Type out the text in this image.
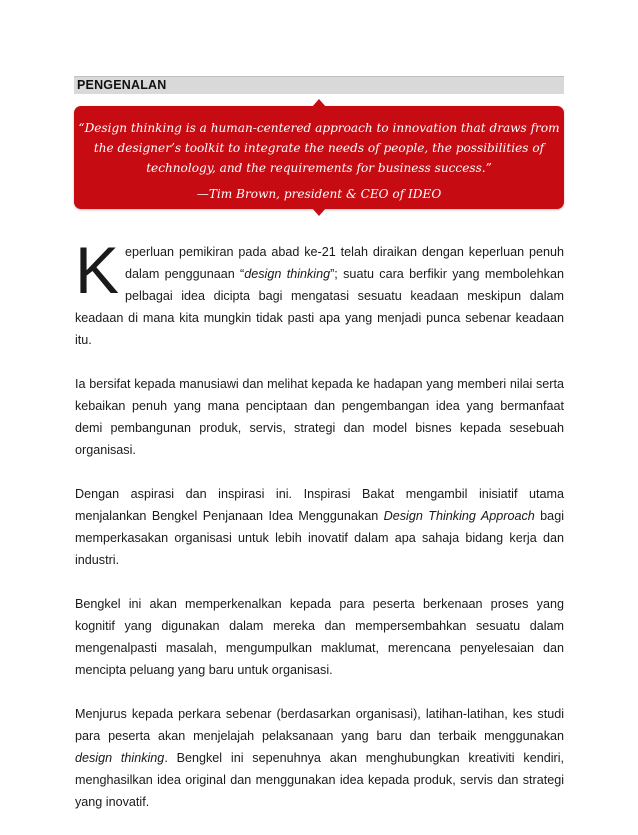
PENGENALAN
“Design thinking is a human-centered approach to innovation that draws from the designer’s toolkit to integrate the needs of people, the possibilities of technology, and the requirements for business success.”
—Tim Brown, president & CEO of IDEO

Keperluan pemikiran pada abad ke-21 telah diraikan dengan keperluan penuh dalam penggunaan “design thinking”; suatu cara berfikir yang membolehkan pelbagai idea dicipta bagi mengatasi sesuatu keadaan meskipun dalam keadaan di mana kita mungkin tidak pasti apa yang menjadi punca sebenar keadaan itu.

Ia bersifat kepada manusiawi dan melihat kepada ke hadapan yang memberi nilai serta kebaikan penuh yang mana penciptaan dan pengembangan idea yang bermanfaat demi pembangunan produk, servis, strategi dan model bisnes kepada sesebuah organisasi.

Dengan aspirasi dan inspirasi ini. Inspirasi Bakat mengambil inisiatif utama menjalankan Bengkel Penjanaan Idea Menggunakan Design Thinking Approach bagi memperkasakan organisasi untuk lebih inovatif dalam apa sahaja bidang kerja dan industri.

Bengkel ini akan memperkenalkan kepada para peserta berkenaan proses yang kognitif yang digunakan dalam mereka dan mempersembahkan sesuatu dalam mengenalpasti masalah, mengumpulkan maklumat, merencana penyelesaian dan mencipta peluang yang baru untuk organisasi.

Menjurus kepada perkara sebenar (berdasarkan organisasi), latihan-latihan, kes studi para peserta akan menjelajah pelaksanaan yang baru dan terbaik menggunakan design thinking. Bengkel ini sepenuhnya akan menghubungkan kreativiti kendiri, menghasilkan idea original dan menggunakan idea kepada produk, servis dan strategi yang inovatif.
